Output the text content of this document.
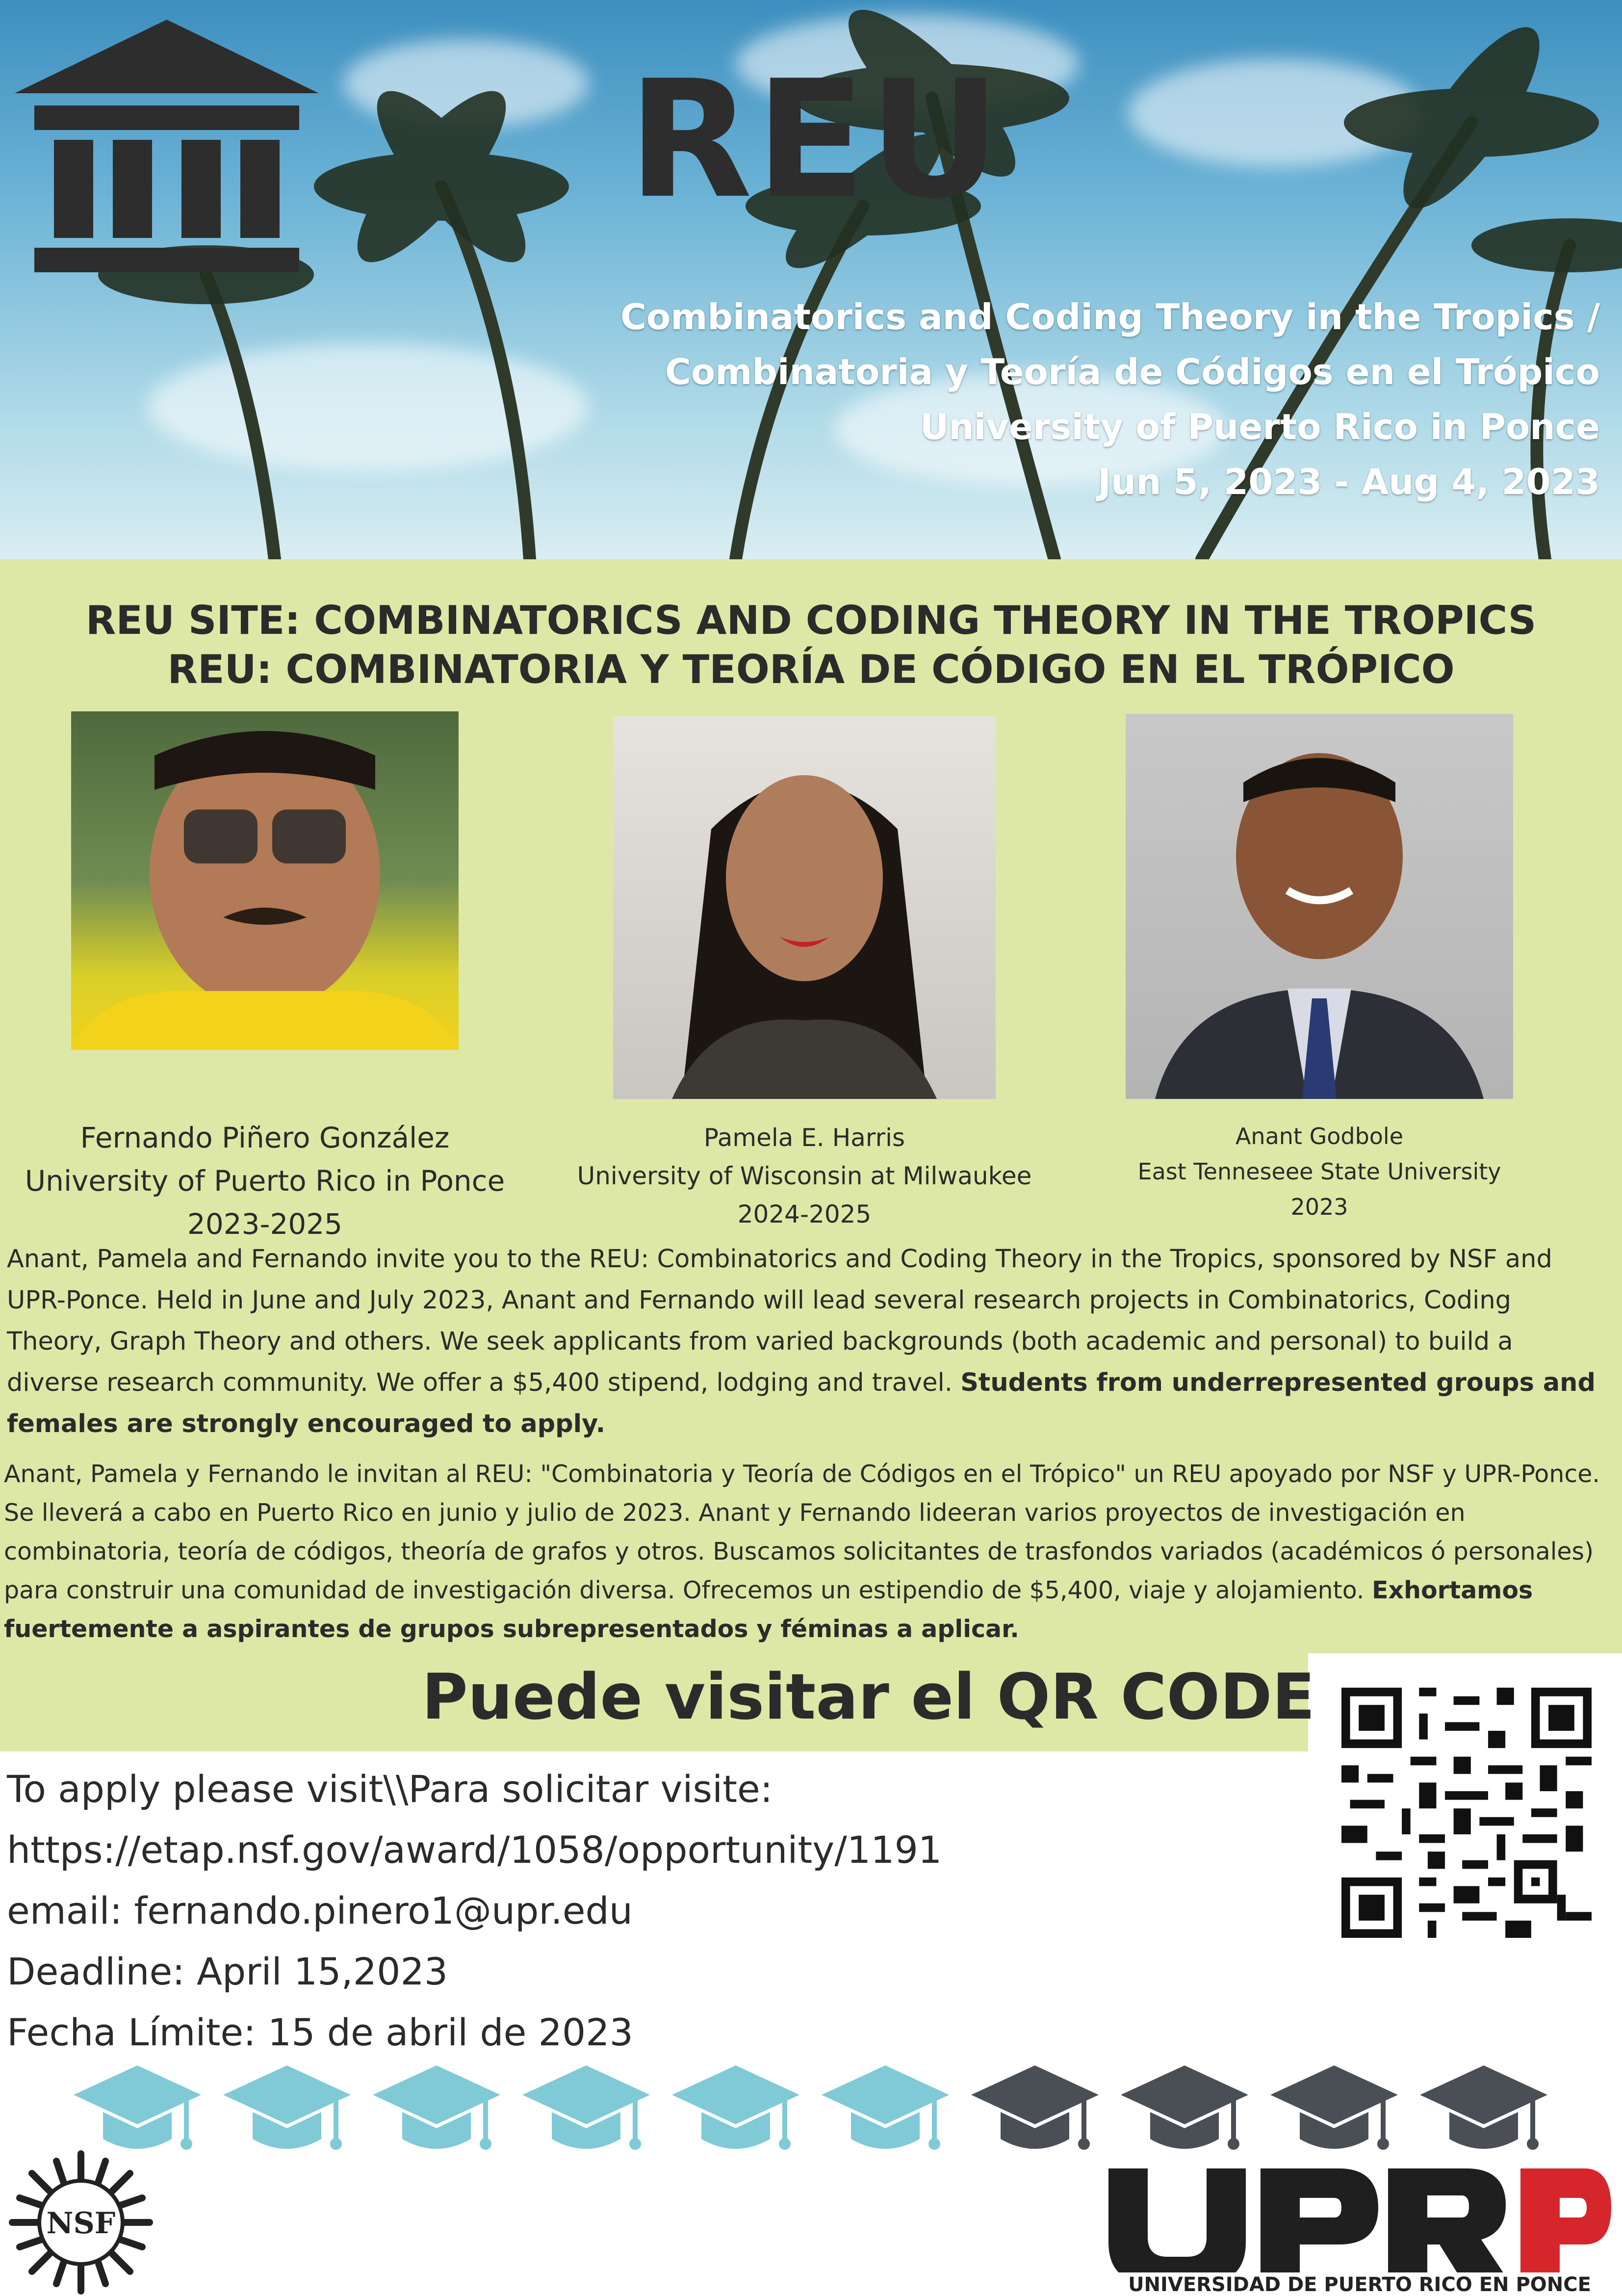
REU
Combinatorics and Coding Theory in the Tropics /
Combinatoria y Teoría de Códigos en el Trópico
University of Puerto Rico in Ponce
Jun 5, 2023 - Aug 4, 2023
REU SITE: COMBINATORICS AND CODING THEORY IN THE TROPICS
REU: COMBINATORIA Y TEORÍA DE CÓDIGO EN EL TRÓPICO
Fernando Piñero González
University of Puerto Rico in Ponce
2023-2025
Pamela E. Harris
University of Wisconsin at Milwaukee
2024-2025
Anant Godbole
East Tenneseee State University
2023
Anant, Pamela and Fernando invite you to the REU: Combinatorics and Coding Theory in the Tropics, sponsored by NSF and UPR-Ponce. Held in June and July 2023, Anant and Fernando will lead several research projects in Combinatorics, Coding Theory, Graph Theory and others. We seek applicants from varied backgrounds (both academic and personal) to build a diverse research community. We offer a $5,400 stipend, lodging and travel. Students from underrepresented groups and females are strongly encouraged to apply.
Anant, Pamela y Fernando le invitan al REU: "Combinatoria y Teoría de Códigos en el Trópico" un REU apoyado por NSF y UPR-Ponce. Se llevеrá a cabo en Puerto Rico en junio y julio de 2023. Anant y Fernando lideeran varios proyectos de investigación en combinatoria, teoría de códigos, theoría de grafos y otros. Buscamos solicitantes de trasfondos variados (académicos ó personales) para construir una comunidad de investigación diversa. Ofrecemos un estipendio de $5,400, viaje y alojamiento. Exhortamos fuertemente a aspirantes de grupos subrepresentados y féminas a aplicar.
Puede visitar el QR CODE
To apply please visit\\Para solicitar visite:
https://etap.nsf.gov/award/1058/opportunity/1191
email: fernando.pinero1@upr.edu
Deadline: April 15,2023
Fecha Límite: 15 de abril de 2023
NSF
UNIVERSIDAD DE PUERTO RICO EN PONCE
